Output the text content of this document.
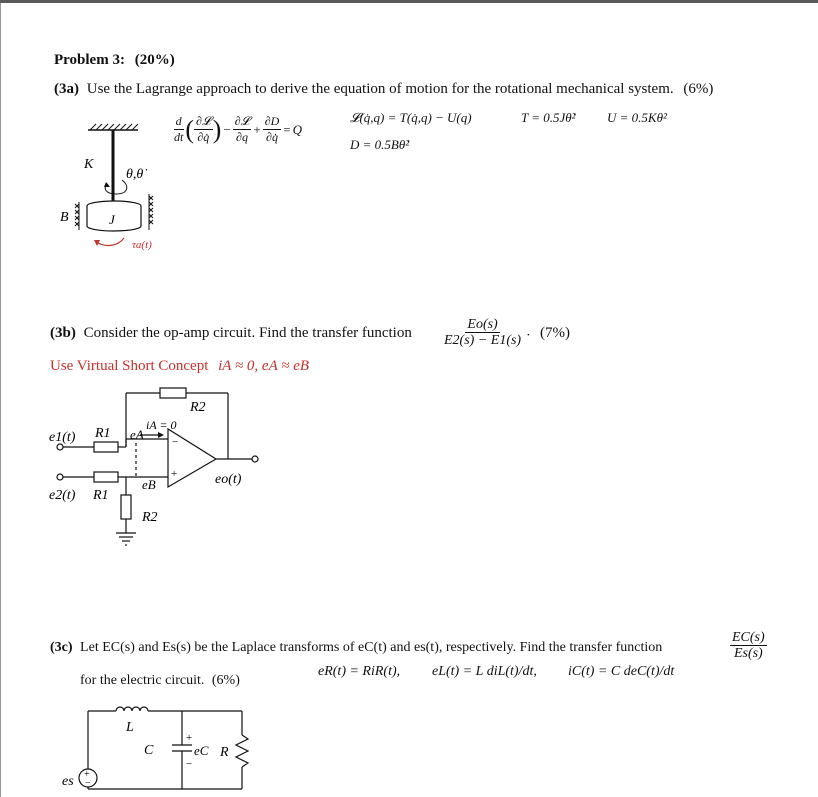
Problem 3: (20%)
(3a) Use the Lagrange approach to derive the equation of motion for the rotational mechanical system. (6%)
$\frac{d}{dt}$ ( $\frac{\text{∂𝓛}}{\partial q̇}$ ) − $\frac{\text{∂𝓛}}{\partial q} + \frac{\partial D}{\partial q̇} = Q$
𝓛(q̇,q) = T(q̇,q) − U(q)	T = 0.5Jθ̇² U = 0.5Kθ²
D = 0.5Bθ̇²
K
θ,θ̇
J
B
τa(t)
(3b) Consider the op-amp circuit. Find the transfer function $\frac{Eo(s)}{E2(s) - E1(s)}$ . (7%)
Use Virtual Short Concept iA ≈ 0, eA ≈ eB
e1(t) R1
e2(t) R1
R2
R2
iA = 0
eA
eB
−
+	eo(t)
(3c) Let EC(s) and Es(s) be the Laplace transforms of eC(t) and es(t), respectively. Find the transfer function	$\frac{EC(s)}{Es(s)}$
for the electric circuit. (6%)
eR(t) = RiR(t), eL(t) = L diL(t)/dt, iC(t) = C deC(t)/dt
+
−
es
L
C
+
eC
−
R
